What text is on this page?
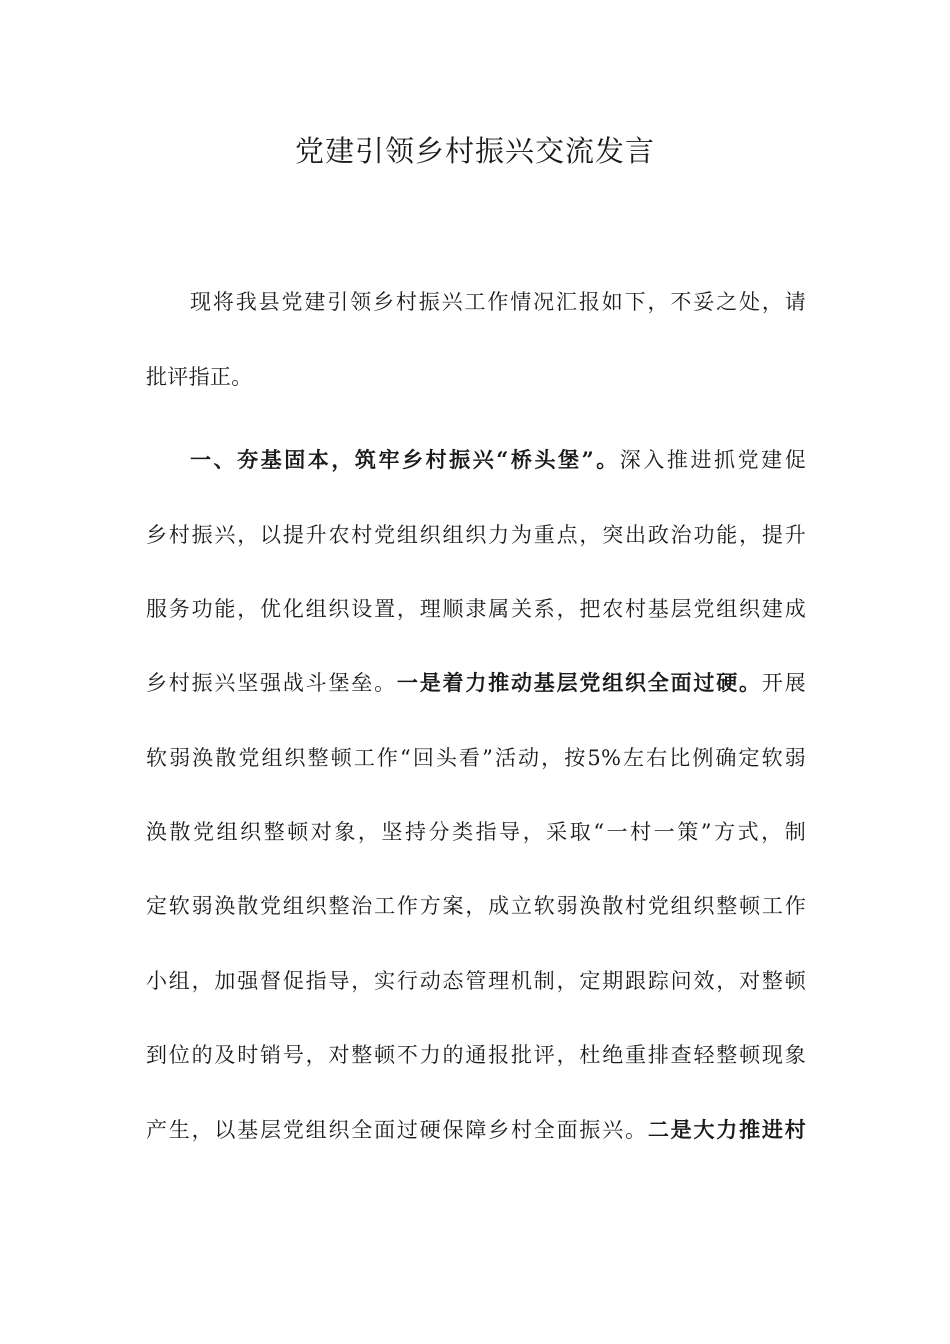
党建引领乡村振兴交流发言
现将我县党建引领乡村振兴工作情况汇报如下，不妥之处，请
批评指正。
一、夯基固本，筑牢乡村振兴“桥头堡”。深入推进抓党建促
乡村振兴，以提升农村党组织组织力为重点，突出政治功能，提升
服务功能，优化组织设置，理顺隶属关系，把农村基层党组织建成
乡村振兴坚强战斗堡垒。一是着力推动基层党组织全面过硬。开展
软弱涣散党组织整顿工作“回头看”活动，按5%左右比例确定软弱
涣散党组织整顿对象，坚持分类指导，采取“一村一策”方式，制
定软弱涣散党组织整治工作方案，成立软弱涣散村党组织整顿工作
小组，加强督促指导，实行动态管理机制，定期跟踪问效，对整顿
到位的及时销号，对整顿不力的通报批评，杜绝重排查轻整顿现象
产生，以基层党组织全面过硬保障乡村全面振兴。二是大力推进村
